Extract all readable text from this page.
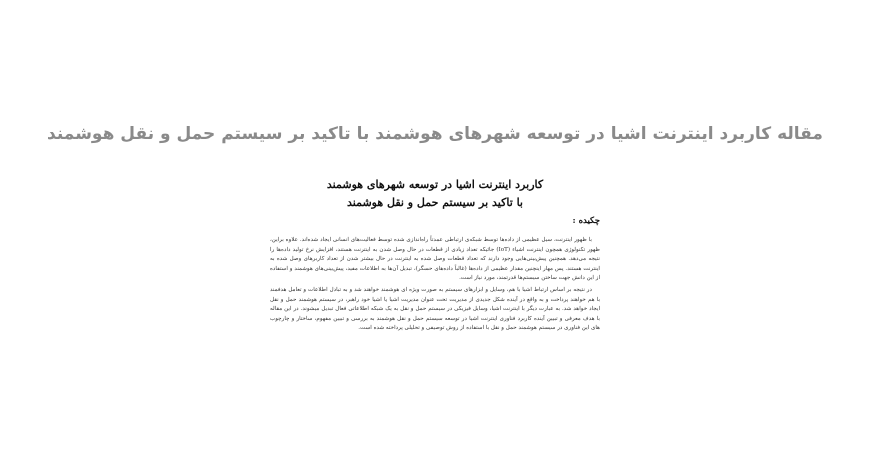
مقاله کاربرد اینترنت اشیا در توسعه شهرهای هوشمند با تاکید بر سیستم حمل و نقل هوشمند
کاربرد اینترنت اشیا در توسعه شهرهای هوشمند
با تاکید بر سیستم حمل و نقل هوشمند
چکیده :

با ظهور اینترنت، سیل عظیمی از داده‌ها توسط شبکه‌ی ارتباطی عمدتاً راه‌اندازی شده توسط فعالیت‌های انسانی ایجاد شده‌اند. علاوه براین، ظهور تکنولوژی همچون اینترنت اشیاء (IoT) جائیکه تعداد زیادی از قطعات در حال وصل شدن به اینترنت هستند، افزایش نرخ تولید داده‌ها را نتیجه می‌دهد. همچنین پیش‌بینی‌هایی وجود دارند که تعداد قطعات وصل شده به اینترنت در حال بیشتر شدن از تعداد کاربرهای وصل شده به اینترنت هستند. پس مهار اینچنین مقدار عظیمی از داده‌ها (غالباً داده‌های حسگر)، تبدیل آن‌ها به اطلاعات مفید، پیش‌بینی‌های هوشمند و استفاده از این دانش جهت ساختن سیستم‌ها قدرتمند، مورد نیاز است.

در نتیجه بر اساس ارتباط اشیا با هم، وسایل و ابزارهای سیستم به صورت ویژه ای هوشمند خواهند شد و به تبادل اطلاعات و تعامل هدفمند با هم خواهند پرداخت و به واقع در آینده شکل جدیدی از مدیریت تحت عنوان مدیریت اشیا یا اشیا خود راهبر، در سیستم هوشمند حمل و نقل ایجاد خواهد شد. به عبارت دیگر با اینترنت اشیا، وسایل فیزیکی در سیستم حمل و نقل به یک شبکه اطلاعاتی فعال تبدیل میشوند. در این مقاله با هدف معرفی و تبیین آینده کاربرد فناوری اینترنت اشیا در توسعه سیستم حمل و نقل هوشمند به بررسی و تبیین مفهوم، ساختار و چارچوب های این فناوری در سیستم هوشمند حمل و نقل با استفاده از روش توصیفی و تحلیلی پرداخته شده است.
